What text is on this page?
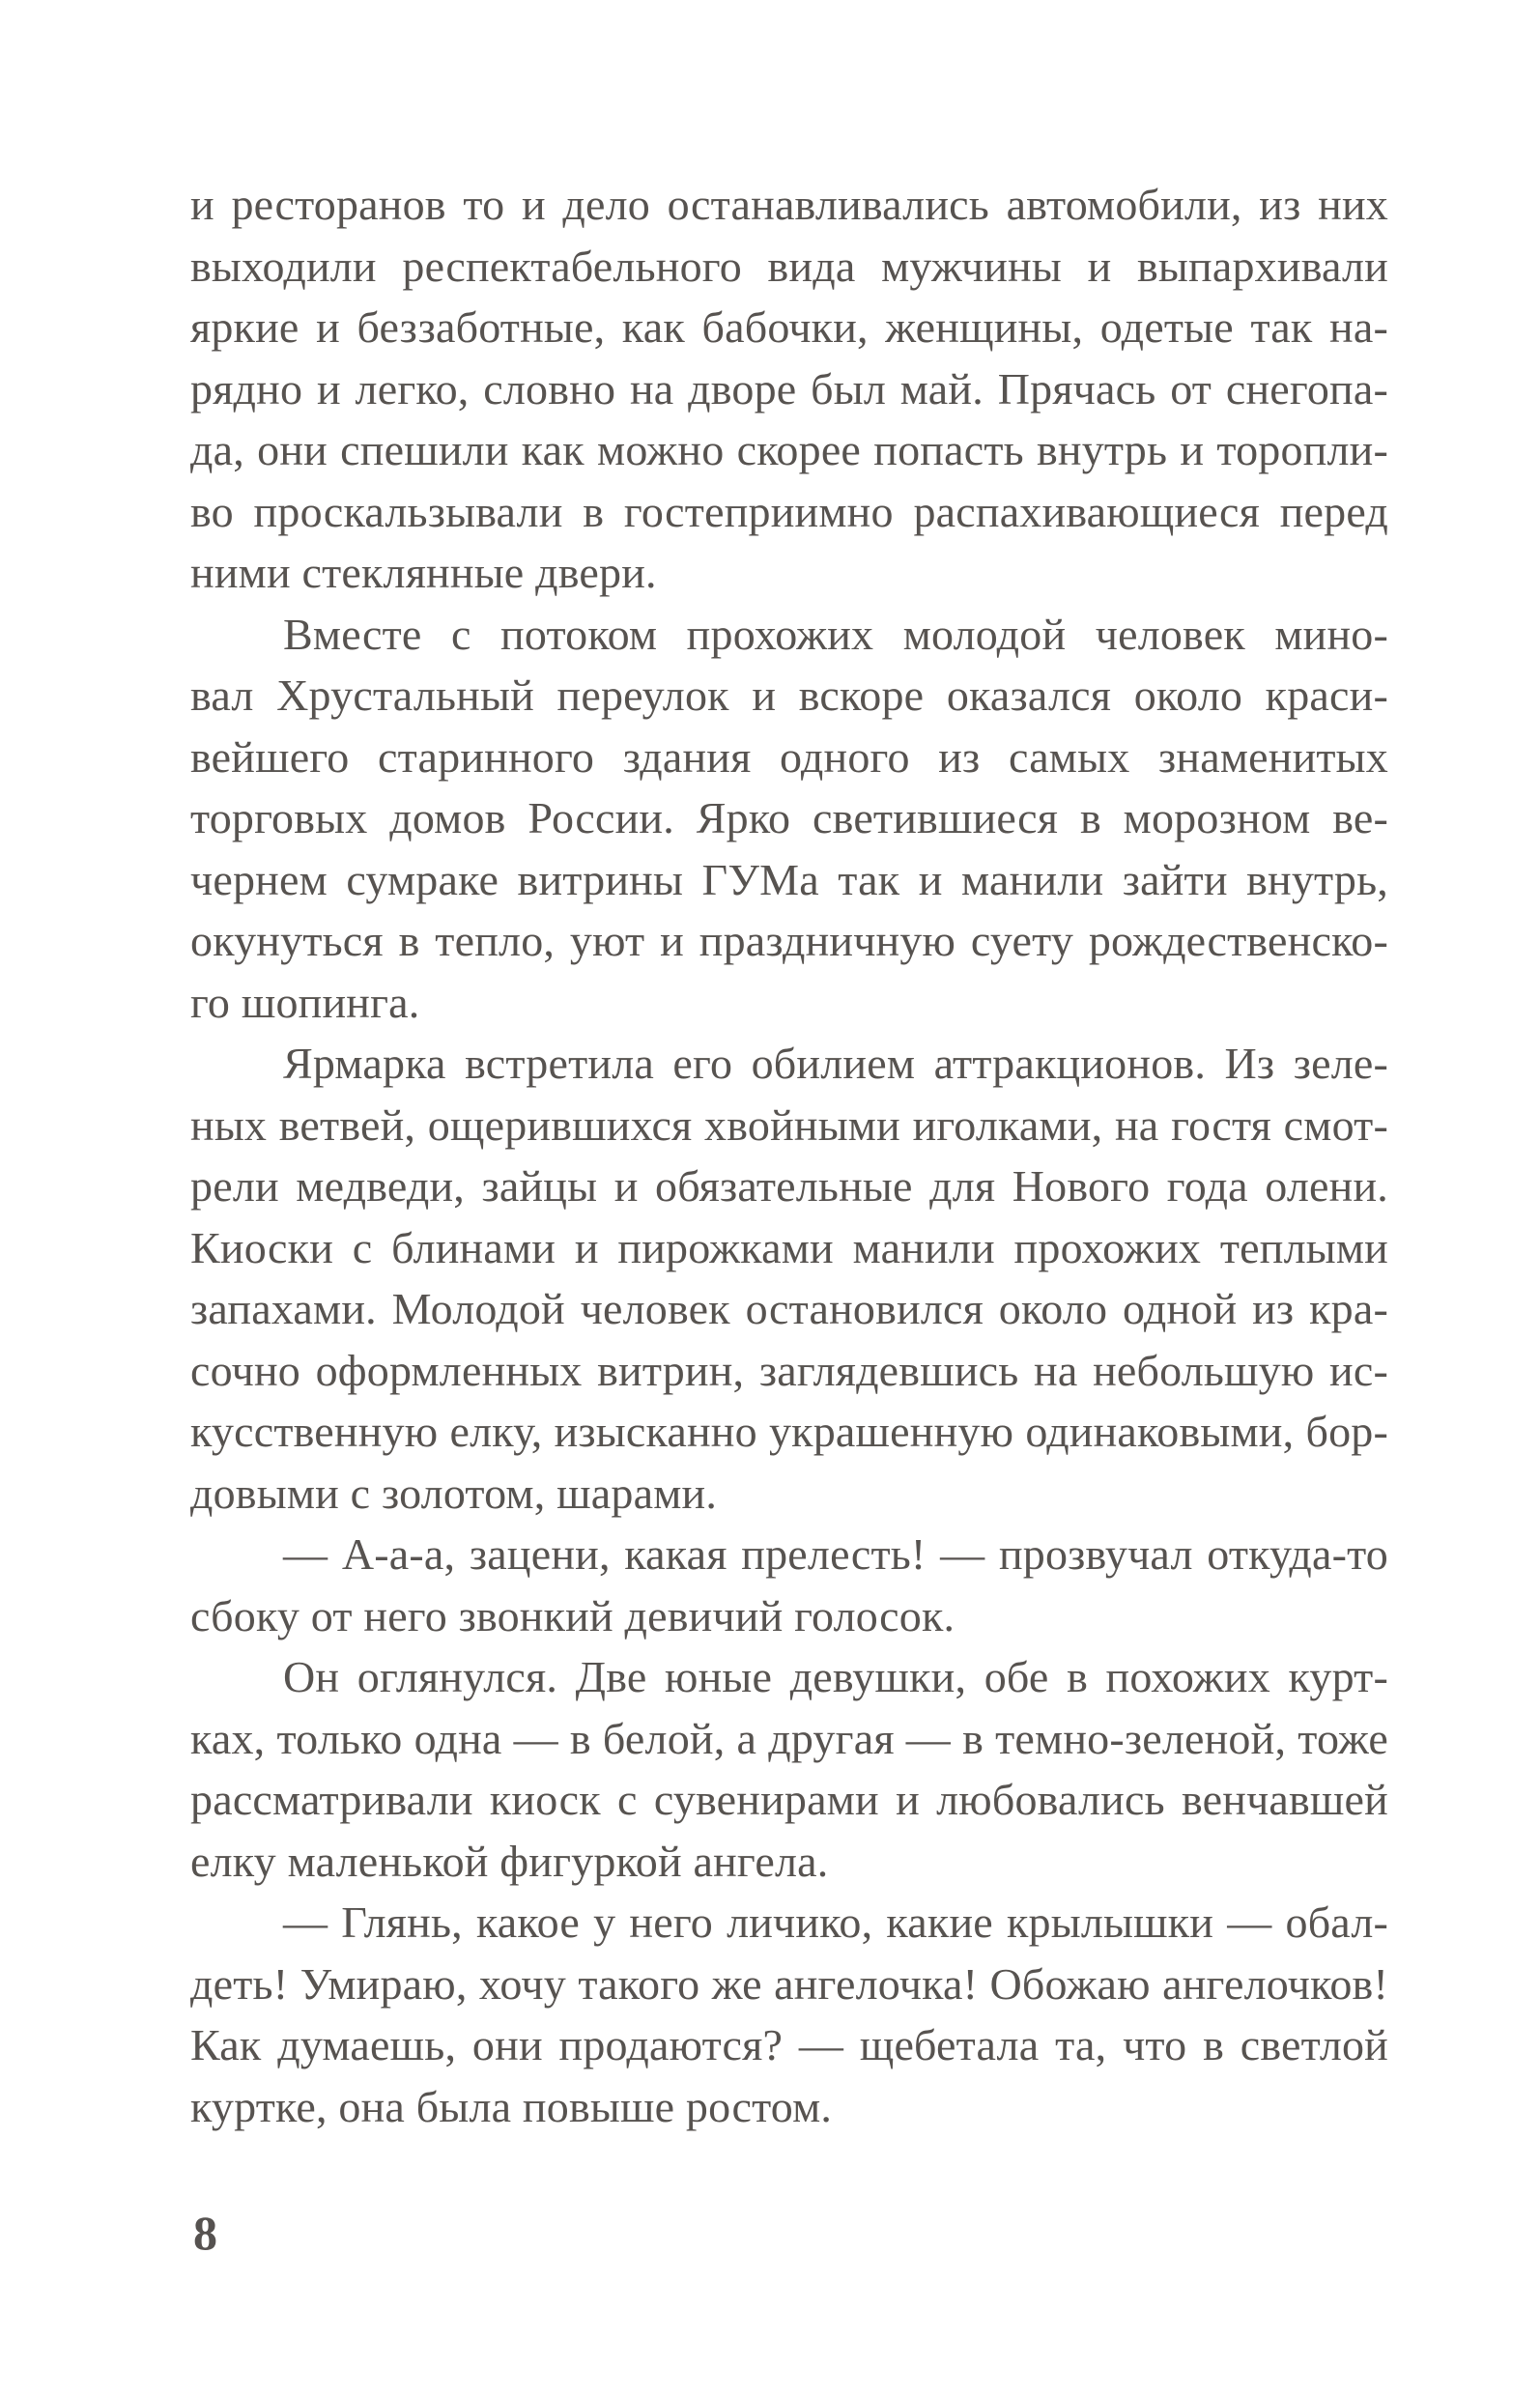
и ресторанов то и дело останавливались автомобили, из них
выходили респектабельного вида мужчины и выпархивали
яркие и беззаботные, как бабочки, женщины, одетые так на-
рядно и легко, словно на дворе был май. Прячась от снегопа-
да, они спешили как можно скорее попасть внутрь и торопли-
во проскальзывали в гостеприимно распахивающиеся перед
ними стеклянные двери.
Вместе с потоком прохожих молодой человек мино-
вал Хрустальный переулок и вскоре оказался около краси-
вейшего старинного здания одного из самых знаменитых
торговых домов России. Ярко светившиеся в морозном ве-
чернем сумраке витрины ГУМа так и манили зайти внутрь,
окунуться в тепло, уют и праздничную суету рождественско-
го шопинга.
Ярмарка встретила его обилием аттракционов. Из зеле-
ных ветвей, ощерившихся хвойными иголками, на гостя смот-
рели медведи, зайцы и обязательные для Нового года олени.
Киоски с блинами и пирожками манили прохожих теплыми
запахами. Молодой человек остановился около одной из кра-
сочно оформленных витрин, заглядевшись на небольшую ис-
кусственную елку, изысканно украшенную одинаковыми, бор-
довыми с золотом, шарами.
— А-а-а, зацени, какая прелесть! — прозвучал откуда-то
сбоку от него звонкий девичий голосок.
Он оглянулся. Две юные девушки, обе в похожих курт-
ках, только одна — в белой, а другая — в темно-зеленой, тоже
рассматривали киоск с сувенирами и любовались венчавшей
елку маленькой фигуркой ангела.
— Глянь, какое у него личико, какие крылышки — обал-
деть! Умираю, хочу такого же ангелочка! Обожаю ангелочков!
Как думаешь, они продаются? — щебетала та, что в светлой
куртке, она была повыше ростом.
8
